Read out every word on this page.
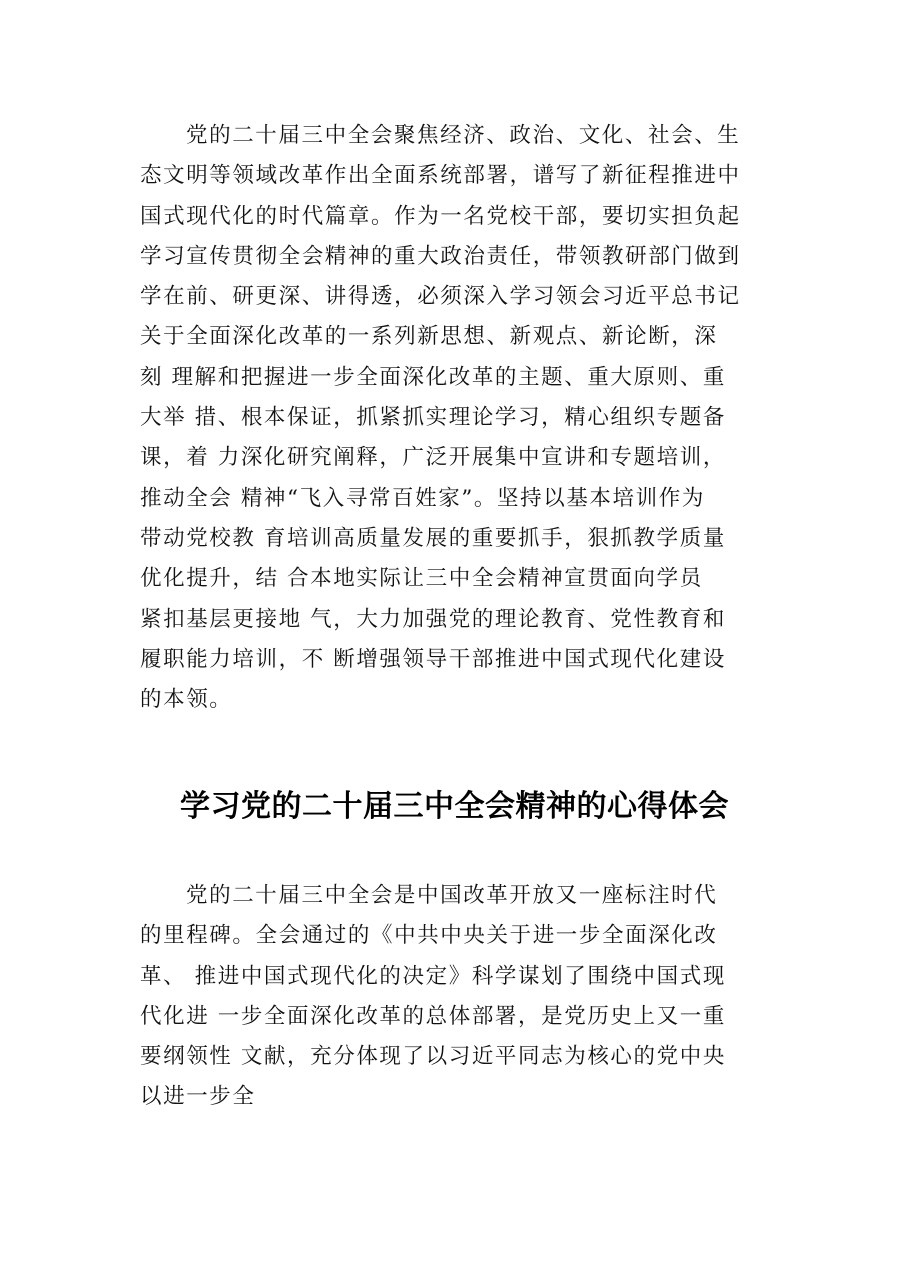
党的二十届三中全会聚焦经济、政治、文化、社会、生
态文明等领域改革作出全面系统部署，谱写了新征程推进中
国式现代化的时代篇章。作为一名党校干部，要切实担负起
学习宣传贯彻全会精神的重大政治责任，带领教研部门做到
学在前、研更深、讲得透，必须深入学习领会习近平总书记
关于全面深化改革的一系列新思想、新观点、新论断，深
刻 理解和把握进一步全面深化改革的主题、重大原则、重
大举 措、根本保证，抓紧抓实理论学习，精心组织专题备
课，着 力深化研究阐释，广泛开展集中宣讲和专题培训，
推动全会 精神“飞入寻常百姓家”。坚持以基本培训作为
带动党校教 育培训高质量发展的重要抓手，狠抓教学质量
优化提升，结 合本地实际让三中全会精神宣贯面向学员
紧扣基层更接地 气，大力加强党的理论教育、党性教育和
履职能力培训，不 断增强领导干部推进中国式现代化建设
的本领。

学习党的二十届三中全会精神的心得体会

党的二十届三中全会是中国改革开放又一座标注时代
的里程碑。全会通过的《中共中央关于进一步全面深化改
革、 推进中国式现代化的决定》科学谋划了围绕中国式现
代化进 一步全面深化改革的总体部署，是党历史上又一重
要纲领性 文献，充分体现了以习近平同志为核心的党中央
以进一步全
